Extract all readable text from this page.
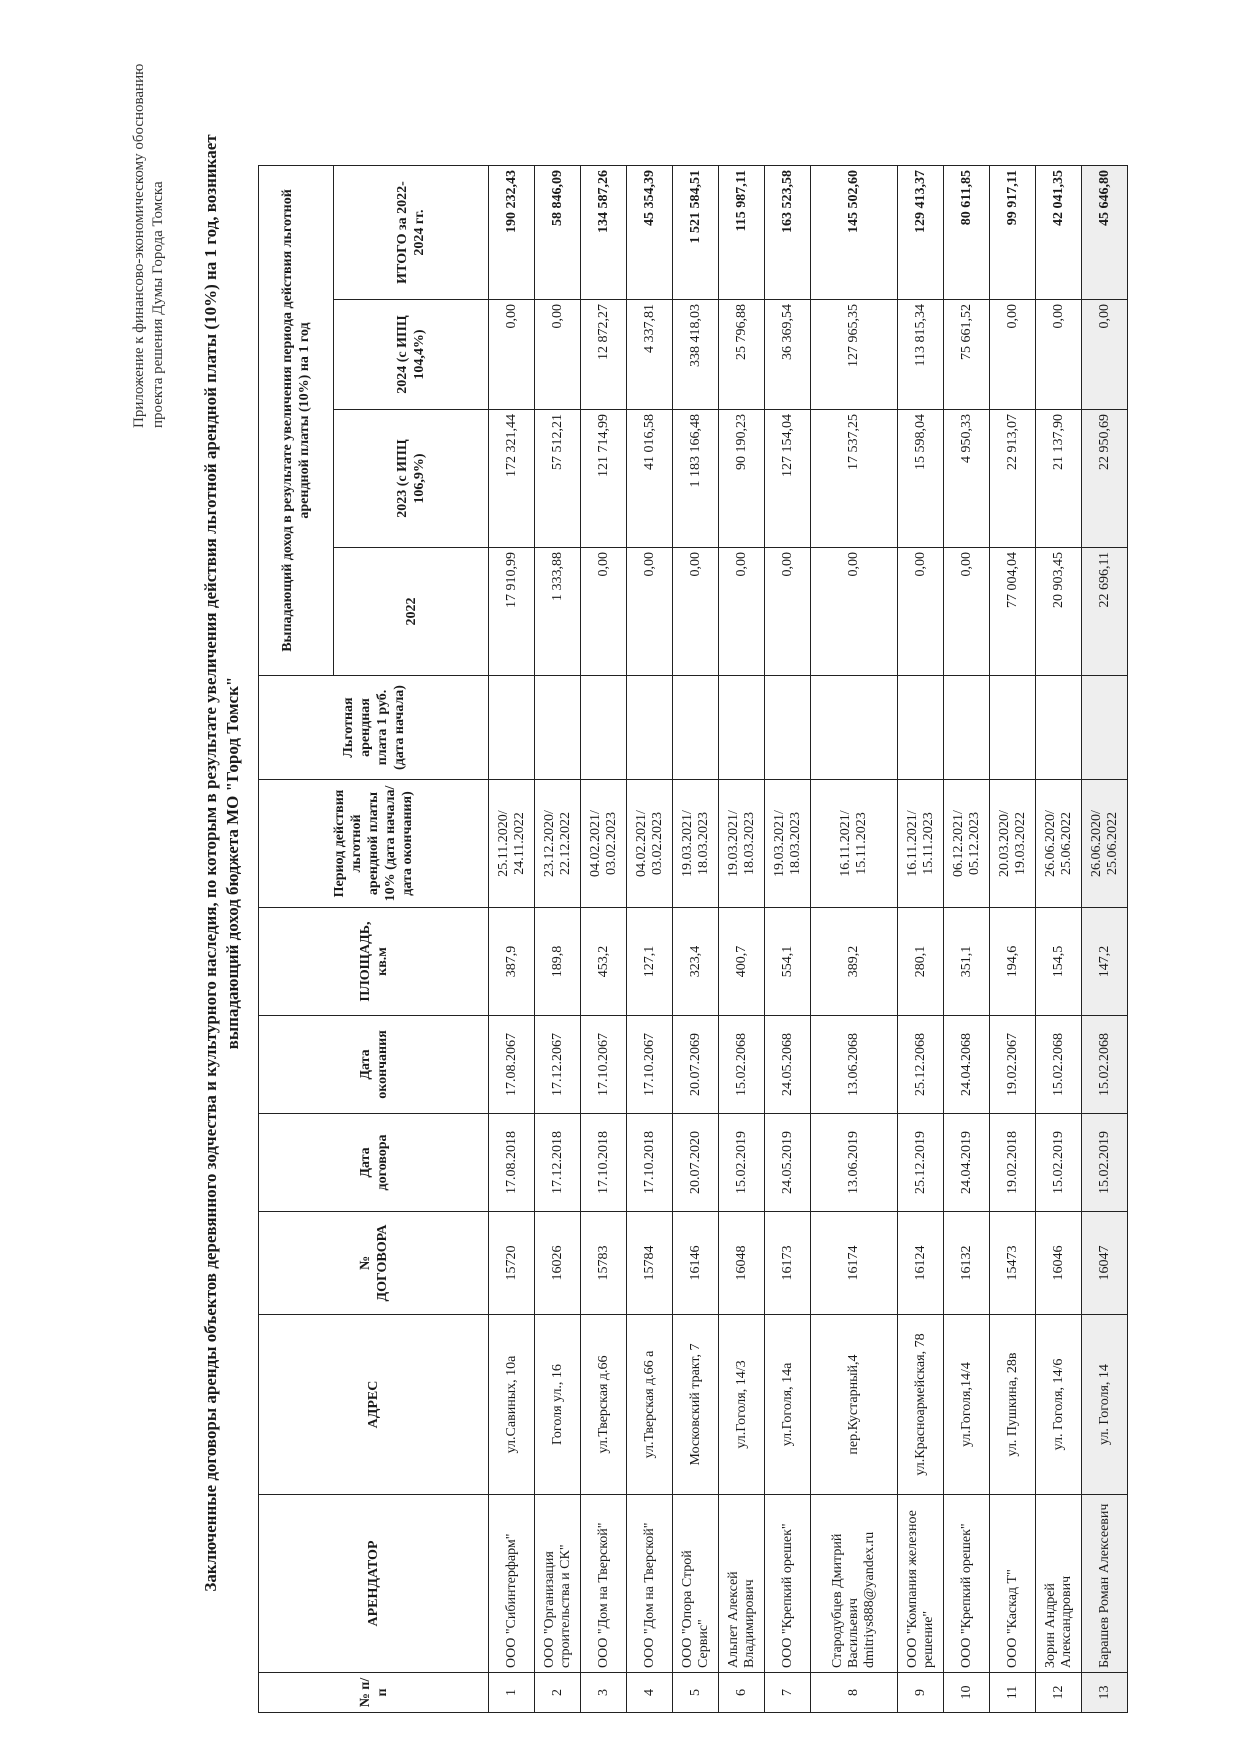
Приложение к финансово-экономическому обоснованию проекта решения Думы Города Томска Заключенные договоры аренды объектов деревянного зодчества и культурного наследия, по которым в результате увеличения действия льготной арендной платы (10%) на 1 год, возникает выпадающий доход бюджета МО "Город Томск"
№ п/п	АРЕНДАТОР	АДРЕС	№ ДОГОВОРА	Дата договора	Дата окончания	ПЛОЩАДЬ, кв.м	Период действия льготной арендной платы 10% (дата начала/дата окончания)	Льготная арендная плата 1 руб. (дата начала)	Выпадающий доход в результате увеличения периода действия льготной арендной платы (10%) на 1 год			
									2022	2023 (с ИПЦ 106,9%)	2024 (с ИПЦ 104,4%)	ИТОГО за 2022-2024 гг.
1	ООО "Сибинтерфарм"	ул.Савиных, 10а	15720	17.08.2018	17.08.2067	387,9	25.11.2020/ 24.11.2022		17 910,99	172 321,44	0,00	190 232,43
2	ООО "Организация строительства и СК"	Гоголя ул., 16	16026	17.12.2018	17.12.2067	189,8	23.12.2020/ 22.12.2022		1 333,88	57 512,21	0,00	58 846,09
3	ООО "Дом на Тверской"	ул.Тверская д.66	15783	17.10.2018	17.10.2067	453,2	04.02.2021/ 03.02.2023		0,00	121 714,99	12 872,27	134 587,26
4	ООО "Дом на Тверской"	ул.Тверская д.66 а	15784	17.10.2018	17.10.2067	127,1	04.02.2021/ 03.02.2023		0,00	41 016,58	4 337,81	45 354,39
5	ООО "Опора Строй Сервис"	Московский тракт, 7	16146	20.07.2020	20.07.2069	323,4	19.03.2021/ 18.03.2023		0,00	1 183 166,48	338 418,03	1 521 584,51
6	Альпет Алексей Владимирович	ул.Гоголя, 14/3	16048	15.02.2019	15.02.2068	400,7	19.03.2021/ 18.03.2023		0,00	90 190,23	25 796,88	115 987,11
7	ООО "Крепкий орешек"	ул.Гоголя, 14а	16173	24.05.2019	24.05.2068	554,1	19.03.2021/ 18.03.2023		0,00	127 154,04	36 369,54	163 523,58
8	Стародубцев Дмитрий Васильевич dmitriys888@yandex.ru	пер.Кустарный,4	16174	13.06.2019	13.06.2068	389,2	16.11.2021/ 15.11.2023		0,00	17 537,25	127 965,35	145 502,60
9	ООО "Компания железное решение"	ул.Красноармейская, 78	16124	25.12.2019	25.12.2068	280,1	16.11.2021/ 15.11.2023		0,00	15 598,04	113 815,34	129 413,37
10	ООО "Крепкий орешек"	ул.Гоголя,14/4	16132	24.04.2019	24.04.2068	351,1	06.12.2021/ 05.12.2023		0,00	4 950,33	75 661,52	80 611,85
11	ООО "Каскад Т"	ул. Пушкина, 28в	15473	19.02.2018	19.02.2067	194,6	20.03.2020/ 19.03.2022		77 004,04	22 913,07	0,00	99 917,11
12	Зорин Андрей Александрович	ул. Гоголя, 14/6	16046	15.02.2019	15.02.2068	154,5	26.06.2020/ 25.06.2022		20 903,45	21 137,90	0,00	42 041,35
13	Барашев Роман Алексеевич	ул. Гоголя, 14	16047	15.02.2019	15.02.2068	147,2	26.06.2020/ 25.06.2022		22 696,11	22 950,69	0,00	45 646,80
